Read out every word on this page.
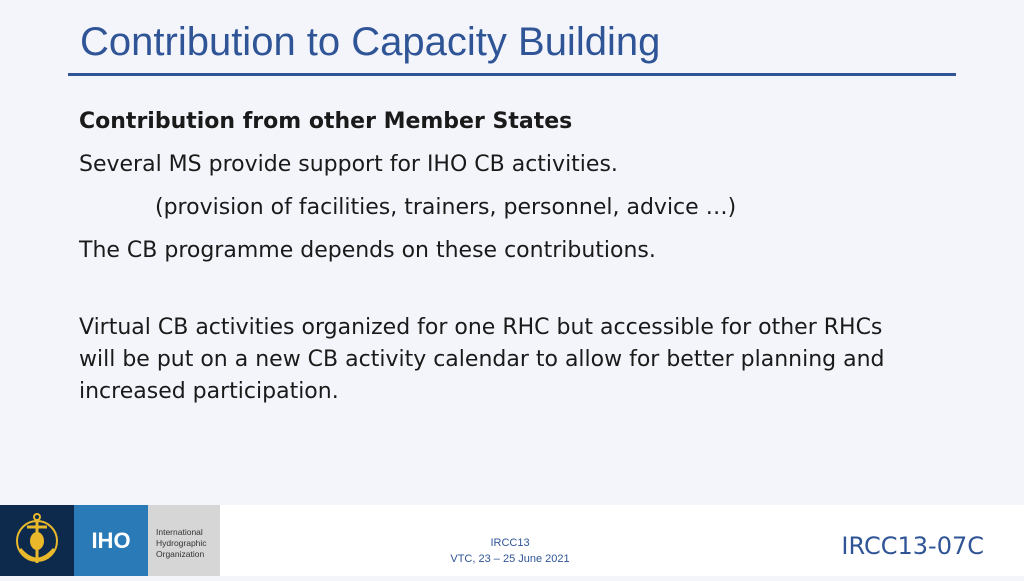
Contribution to Capacity Building
Contribution from other Member States
Several MS provide support for IHO CB activities.
(provision of facilities, trainers, personnel, advice …)
The CB programme depends on these contributions.
Virtual CB activities organized for one RHC but accessible for other RHCs will be put on a new CB activity calendar to allow for better planning and increased participation.
IHO	International
Hydrographic
Organization
IRCC13
VTC, 23 – 25 June 2021	IRCC13-07C
